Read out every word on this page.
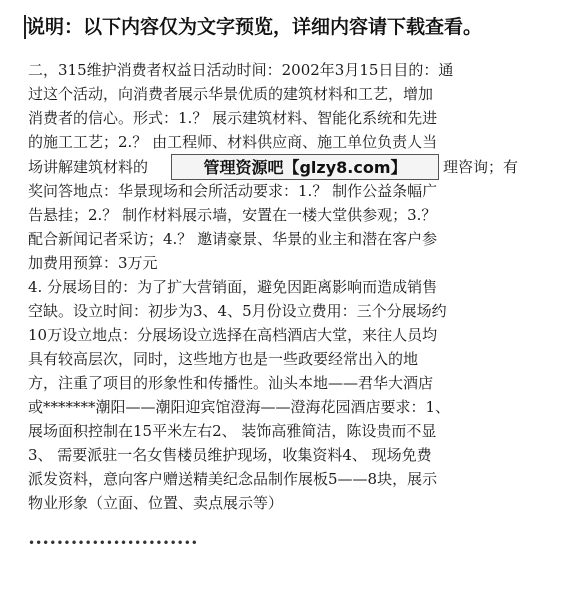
说明：以下内容仅为文字预览，详细内容请下载查看。
二，315维护消费者权益日活动时间：2002年3月15日目的：通
过这个活动，向消费者展示华景优质的建筑材料和工艺，增加
消费者的信心。形式：1.？ 展示建筑材料、智能化系统和先进
的施工工艺；2.？ 由工程师、材料供应商、施工单位负责人当
场讲解建筑材料的	理咨询；有
奖问答地点：华景现场和会所活动要求：1.？ 制作公益条幅广
告悬挂；2.？ 制作材料展示墙，安置在一楼大堂供参观；3.？
配合新闻记者采访；4.？ 邀请豪景、华景的业主和潜在客户参
加费用预算：3万元
4. 分展场目的：为了扩大营销面，避免因距离影响而造成销售
空缺。设立时间：初步为3、4、5月份设立费用：三个分展场约
10万设立地点：分展场设立选择在高档酒店大堂，来往人员均
具有较高层次，同时，这些地方也是一些政要经常出入的地
方，注重了项目的形象性和传播性。汕头本地——君华大酒店
或*******潮阳——潮阳迎宾馆澄海——澄海花园酒店要求：1、
展场面积控制在15平米左右2、 装饰高雅简洁，陈设贵而不显
3、 需要派驻一名女售楼员维护现场，收集资料4、 现场免费
派发资料，意向客户赠送精美纪念品制作展板5——8块，展示
物业形象（立面、位置、卖点展示等）
管理资源吧【glzy8.com】
••••••••••••••••••••••••
